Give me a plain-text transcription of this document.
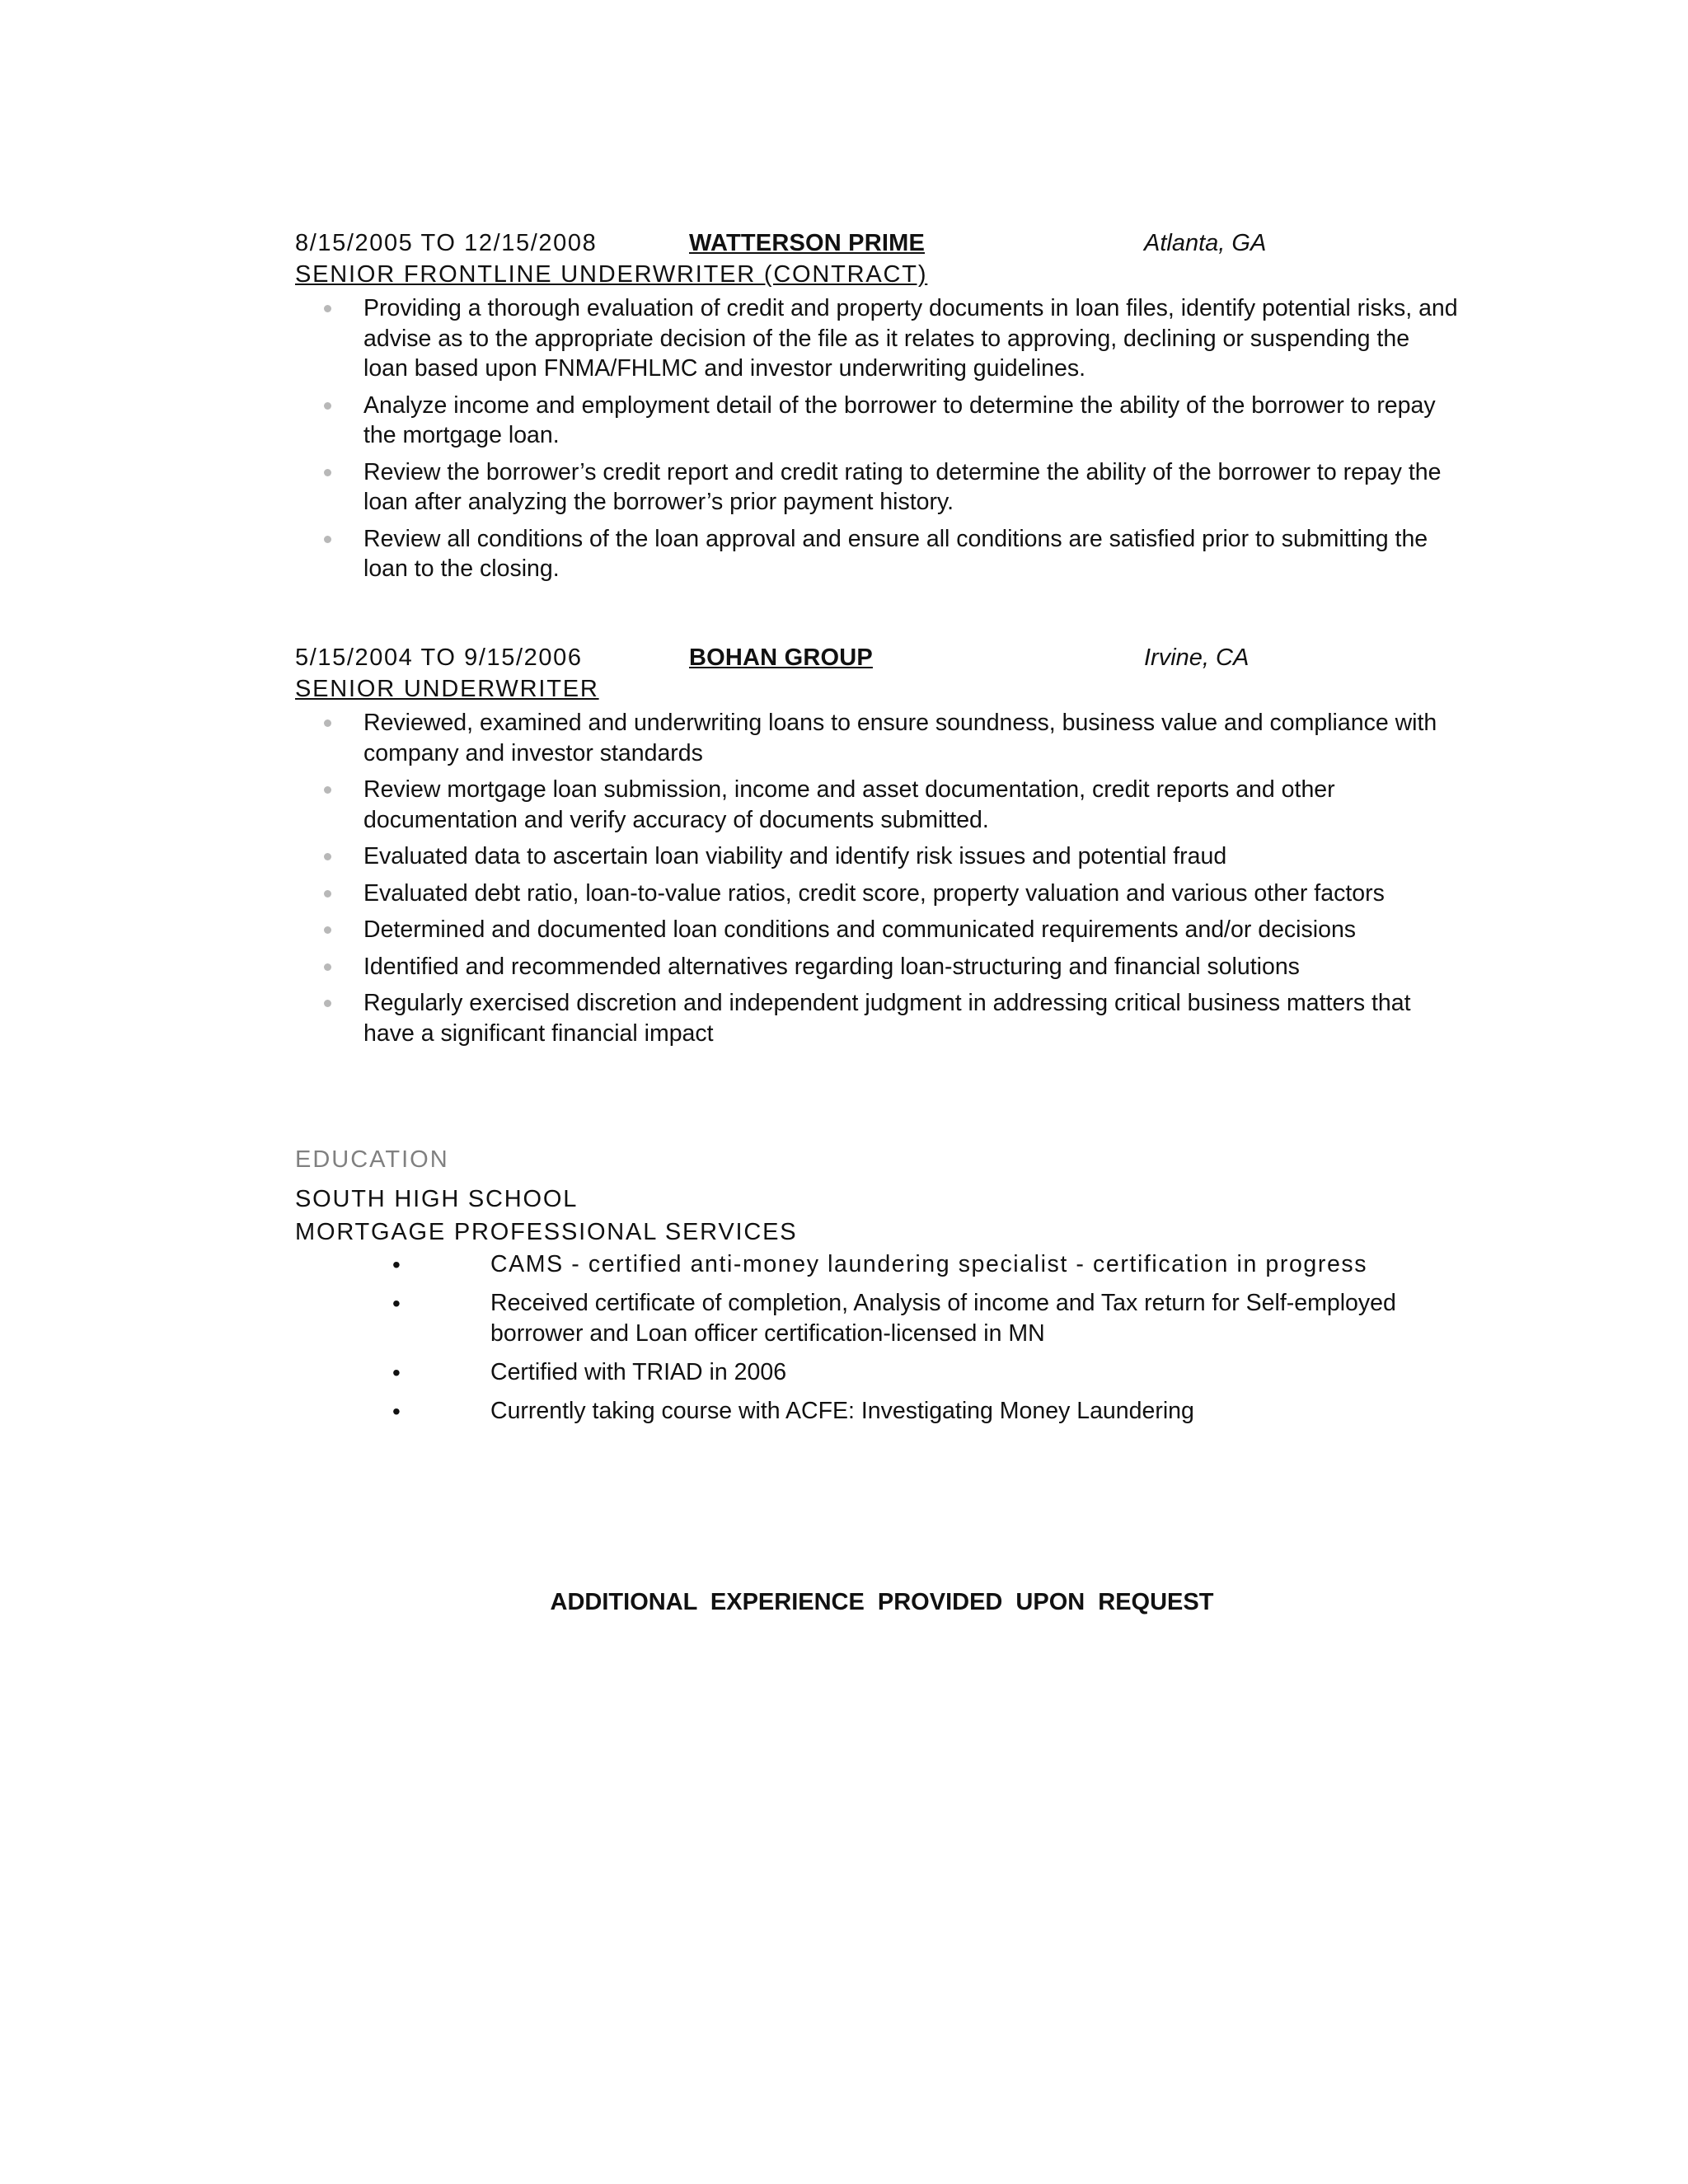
8/15/2005 TO 12/15/2008	WATTERSON PRIME	Atlanta, GA
SENIOR FRONTLINE UNDERWRITER (CONTRACT)
Providing a thorough evaluation of credit and property documents in loan files, identify potential risks, and advise as to the appropriate decision of the file as it relates to approving, declining or suspending the loan based upon FNMA/FHLMC and investor underwriting guidelines.
Analyze income and employment detail of the borrower to determine the ability of the borrower to repay the mortgage loan.
Review the borrower’s credit report and credit rating to determine the ability of the borrower to repay the loan after analyzing the borrower’s prior payment history.
Review all conditions of the loan approval and ensure all conditions are satisfied prior to submitting the loan to the closing.
5/15/2004 TO 9/15/2006	BOHAN GROUP	Irvine, CA
SENIOR UNDERWRITER
Reviewed, examined and underwriting loans to ensure soundness, business value and compliance with company and investor standards
Review mortgage loan submission, income and asset documentation, credit reports and other documentation and verify accuracy of documents submitted.
Evaluated data to ascertain loan viability and identify risk issues and potential fraud
Evaluated debt ratio, loan-to-value ratios, credit score, property valuation and various other factors
Determined and documented loan conditions and communicated requirements and/or decisions
Identified and recommended alternatives regarding loan-structuring and financial solutions
Regularly exercised discretion and independent judgment in addressing critical business matters that have a significant financial impact
EDUCATION
SOUTH HIGH SCHOOL
MORTGAGE PROFESSIONAL SERVICES
•	CAMS - certified anti-money laundering specialist - certification in progress
•	Received certificate of completion, Analysis of income and Tax return for Self-employed borrower and Loan officer certification-licensed in MN
•	Certified with TRIAD in 2006
•	Currently taking course with ACFE: Investigating Money Laundering
ADDITIONAL EXPERIENCE PROVIDED UPON REQUEST
